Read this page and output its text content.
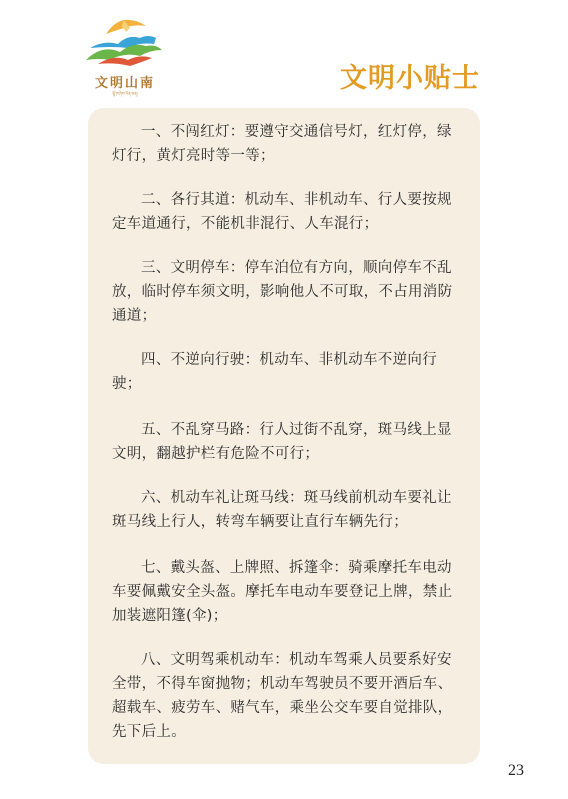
文明山南
ལྷོ་ཁ་ཤེས་ཡོན་ཅན།	文明小贴士
一、不闯红灯：要遵守交通信号灯，红灯停，绿灯行，黄灯亮时等一等；
二、各行其道：机动车、非机动车、行人要按规定车道通行，不能机非混行、人车混行；
三、文明停车：停车泊位有方向，顺向停车不乱放，临时停车须文明，影响他人不可取，不占用消防通道；
四、不逆向行驶：机动车、非机动车不逆向行驶；
五、不乱穿马路：行人过街不乱穿，斑马线上显文明，翻越护栏有危险不可行；
六、机动车礼让斑马线：斑马线前机动车要礼让斑马线上行人，转弯车辆要让直行车辆先行；
七、戴头盔、上牌照、拆篷伞：骑乘摩托车电动车要佩戴安全头盔。摩托车电动车要登记上牌，禁止加装遮阳篷(伞)；
八、文明驾乘机动车：机动车驾乘人员要系好安全带，不得车窗抛物；机动车驾驶员不要开酒后车、超载车、疲劳车、赌气车，乘坐公交车要自觉排队，先下后上。
23
